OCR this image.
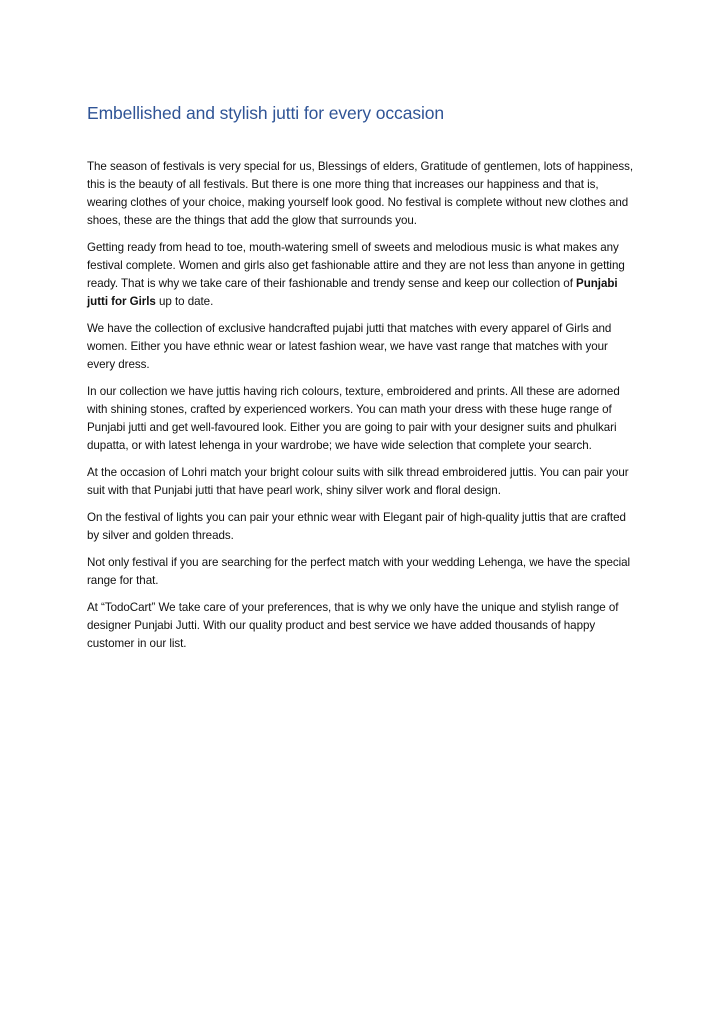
Embellished and stylish jutti for every occasion

The season of festivals is very special for us, Blessings of elders, Gratitude of gentlemen, lots of happiness, this is the beauty of all festivals. But there is one more thing that increases our happiness and that is, wearing clothes of your choice, making yourself look good. No festival is complete without new clothes and shoes, these are the things that add the glow that surrounds you.

Getting ready from head to toe, mouth-watering smell of sweets and melodious music is what makes any festival complete. Women and girls also get fashionable attire and they are not less than anyone in getting ready. That is why we take care of their fashionable and trendy sense and keep our collection of Punjabi jutti for Girls up to date.

We have the collection of exclusive handcrafted pujabi jutti that matches with every apparel of Girls and women. Either you have ethnic wear or latest fashion wear, we have vast range that matches with your every dress.

In our collection we have juttis having rich colours, texture, embroidered and prints. All these are adorned with shining stones, crafted by experienced workers. You can math your dress with these huge range of Punjabi jutti and get well-favoured look. Either you are going to pair with your designer suits and phulkari dupatta, or with latest lehenga in your wardrobe; we have wide selection that complete your search.

At the occasion of Lohri match your bright colour suits with silk thread embroidered juttis. You can pair your suit with that Punjabi jutti that have pearl work, shiny silver work and floral design.

On the festival of lights you can pair your ethnic wear with Elegant pair of high-quality juttis that are crafted by silver and golden threads.

Not only festival if you are searching for the perfect match with your wedding Lehenga, we have the special range for that.

At “TodoCart” We take care of your preferences, that is why we only have the unique and stylish range of designer Punjabi Jutti. With our quality product and best service we have added thousands of happy customer in our list.
